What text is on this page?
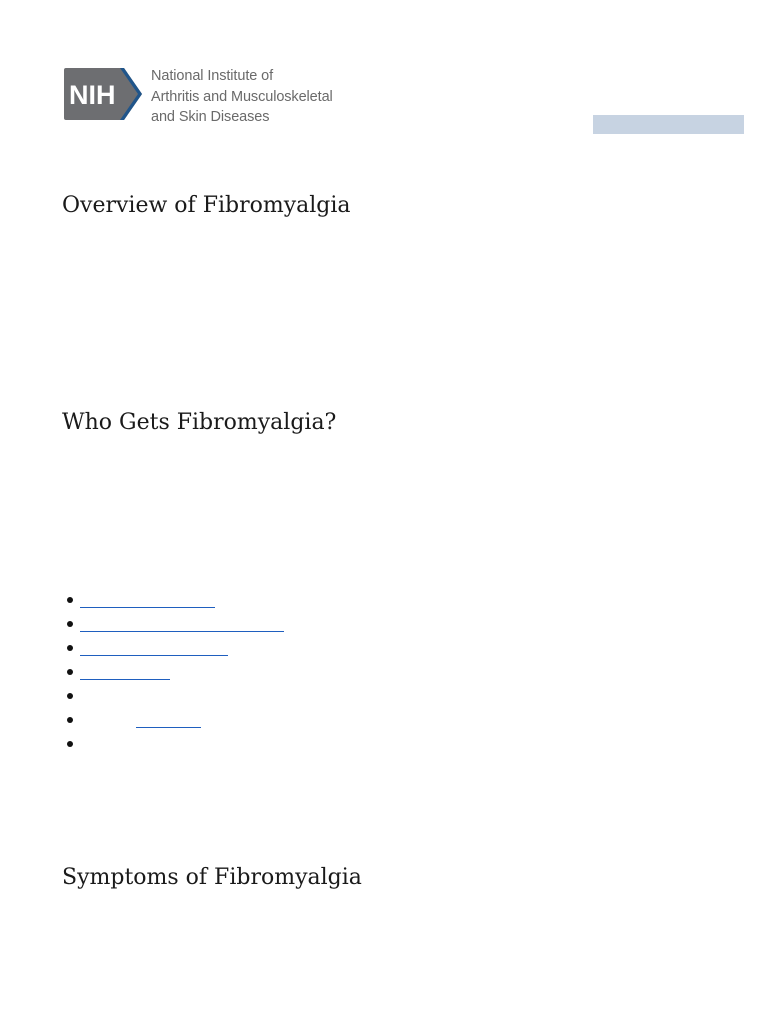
NIH
National Institute of
Arthritis and Musculoskeletal
and Skin Diseases
Overview of Fibromyalgia
Who Gets Fibromyalgia?
Symptoms of Fibromyalgia
